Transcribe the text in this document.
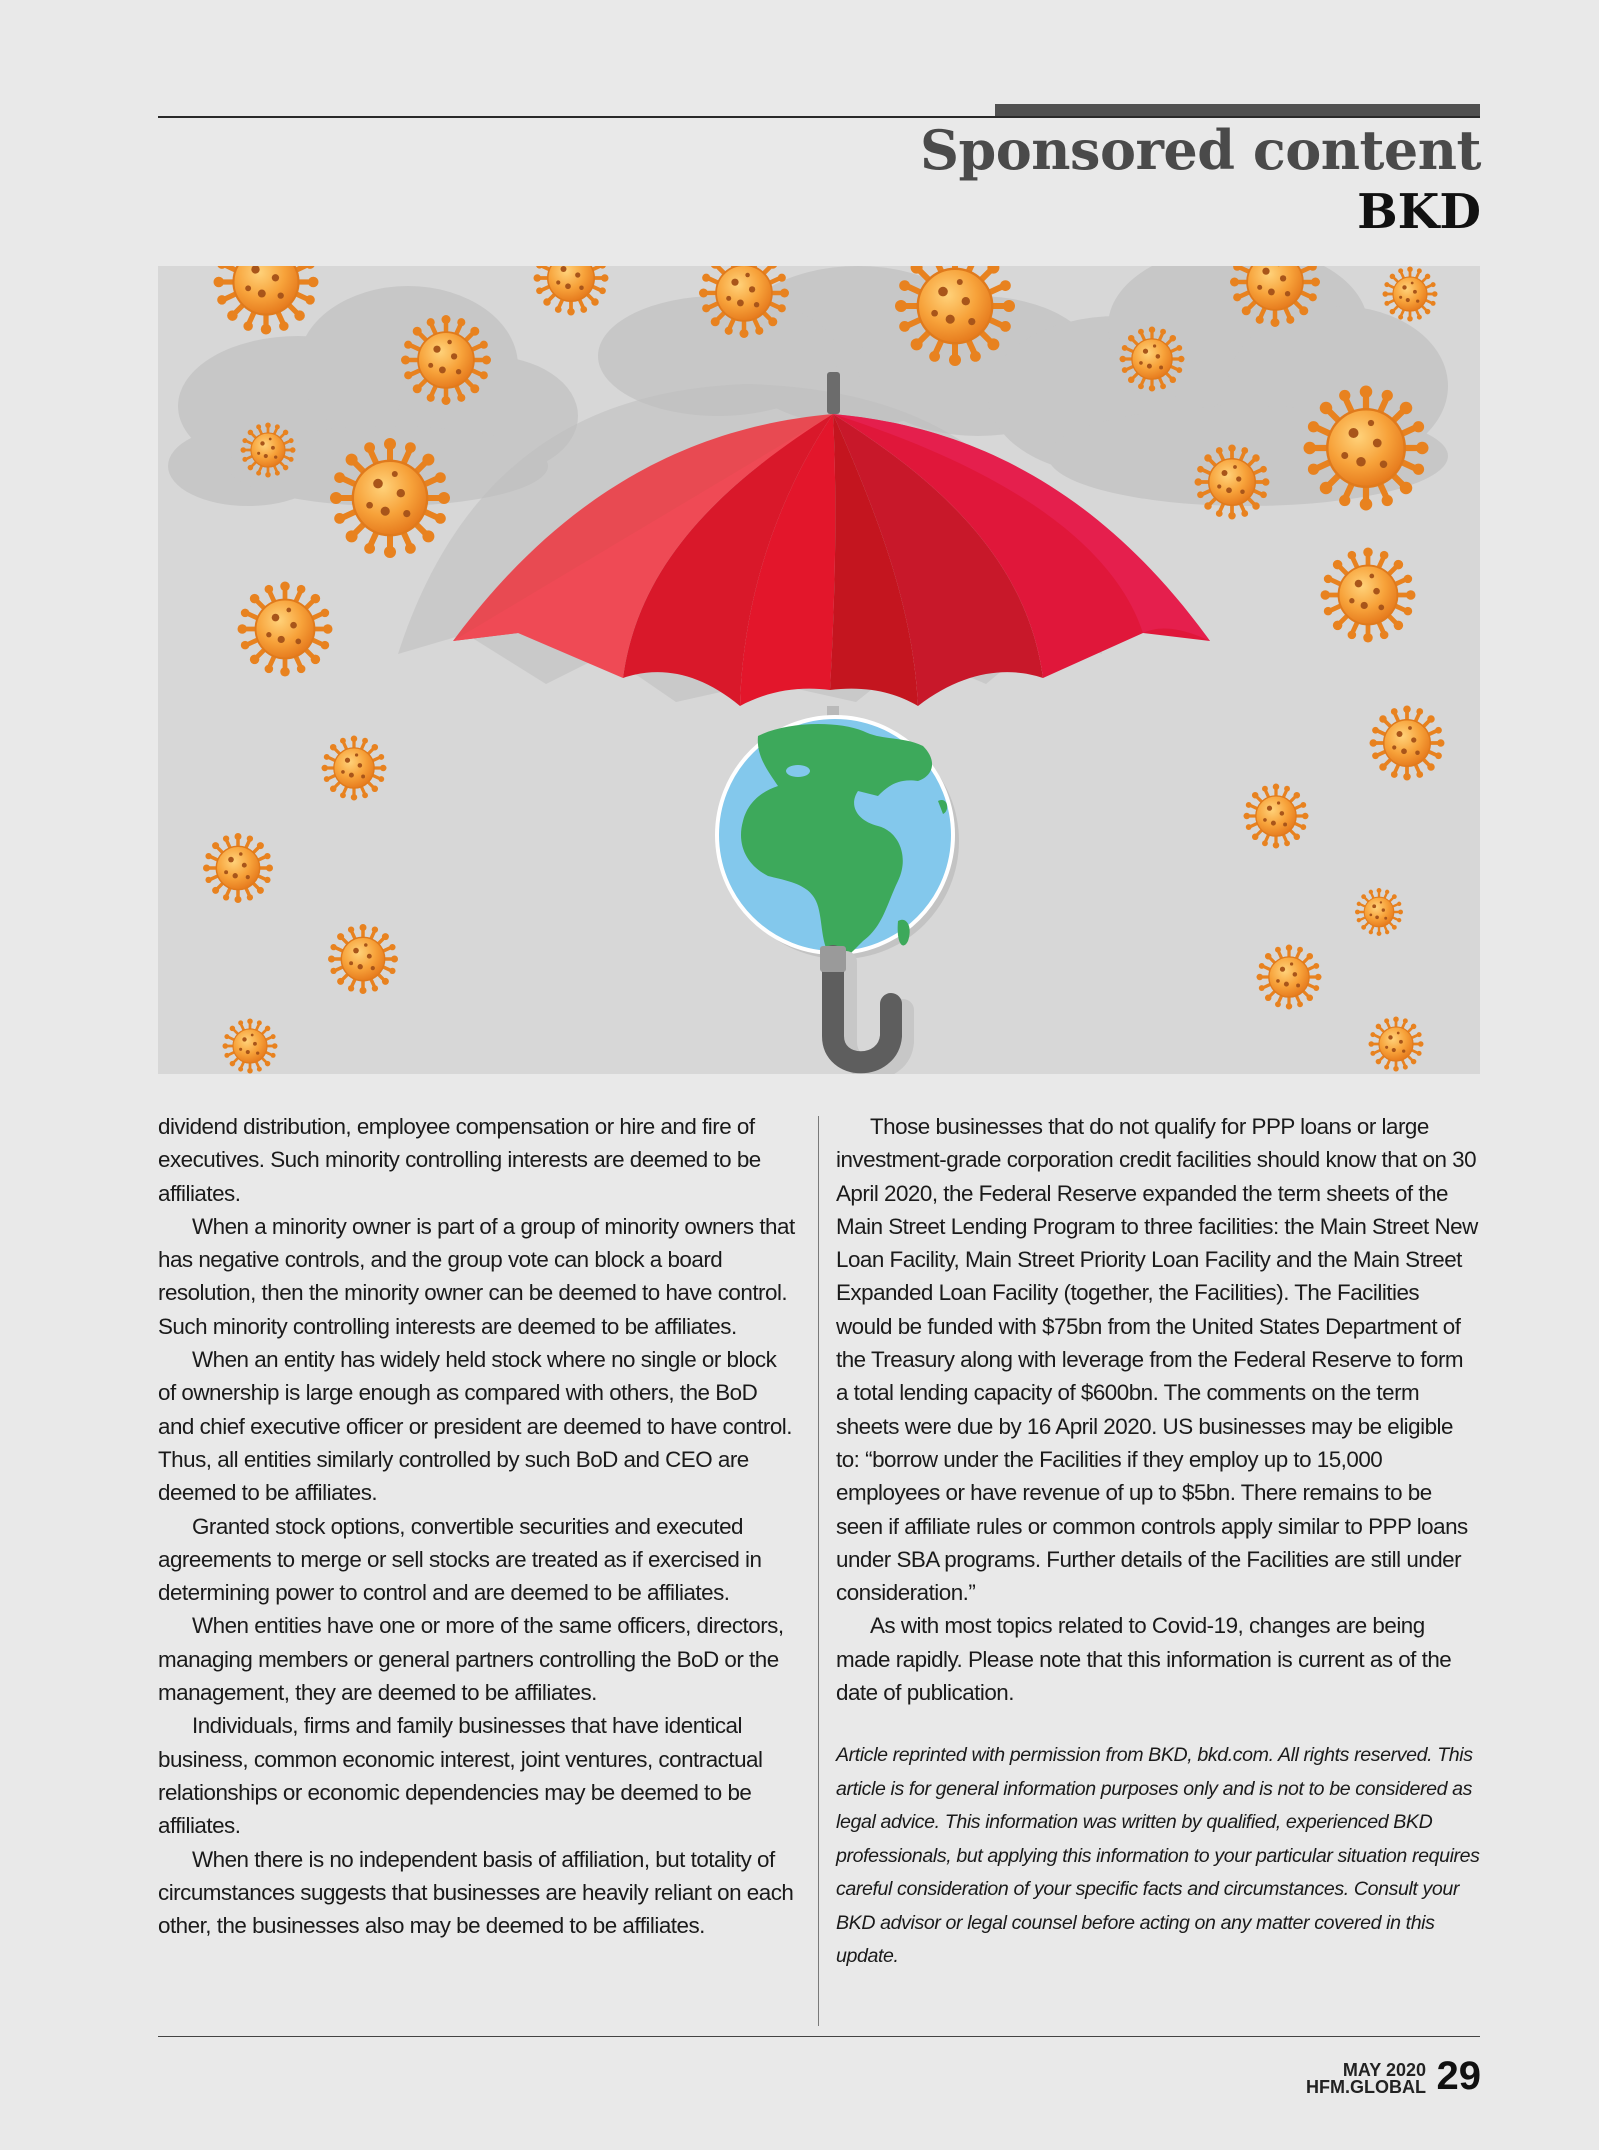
Sponsored content
BKD

dividend distribution, employee compensation or hire and fire of executives. Such minority controlling interests are deemed to be affiliates.

When a minority owner is part of a group of minority owners that has negative controls, and the group vote can block a board resolution, then the minority owner can be deemed to have control. Such minority controlling interests are deemed to be affiliates.

When an entity has widely held stock where no single or block of ownership is large enough as compared with others, the BoD and chief executive officer or president are deemed to have control. Thus, all entities similarly controlled by such BoD and CEO are deemed to be affiliates.

Granted stock options, convertible securities and executed agreements to merge or sell stocks are treated as if exercised in determining power to control and are deemed to be affiliates.

When entities have one or more of the same officers, directors, managing members or general partners controlling the BoD or the management, they are deemed to be affiliates.

Individuals, firms and family businesses that have identical business, common economic interest, joint ventures, contractual relationships or economic dependencies may be deemed to be affiliates.

When there is no independent basis of affiliation, but totality of circumstances suggests that businesses are heavily reliant on each other, the businesses also may be deemed to be affiliates.

Those businesses that do not qualify for PPP loans or large investment-grade corporation credit facilities should know that on 30 April 2020, the Federal Reserve expanded the term sheets of the Main Street Lending Program to three facilities: the Main Street New Loan Facility, Main Street Priority Loan Facility and the Main Street Expanded Loan Facility (together, the Facilities). The Facilities would be funded with $75bn from the United States Department of the Treasury along with leverage from the Federal Reserve to form a total lending capacity of $600bn. The comments on the term sheets were due by 16 April 2020. US businesses may be eligible to: “borrow under the Facilities if they employ up to 15,000 employees or have revenue of up to $5bn. There remains to be seen if affiliate rules or common controls apply similar to PPP loans under SBA programs. Further details of the Facilities are still under consideration.”

As with most topics related to Covid-19, changes are being made rapidly. Please note that this information is current as of the date of publication.

Article reprinted with permission from BKD, bkd.com. All rights reserved. This article is for general information purposes only and is not to be considered as legal advice. This information was written by qualified, experienced BKD professionals, but applying this information to your particular situation requires careful consideration of your specific facts and circumstances. Consult your BKD advisor or legal counsel before acting on any matter covered in this update.

MAY 2020
HFM.GLOBAL 29
